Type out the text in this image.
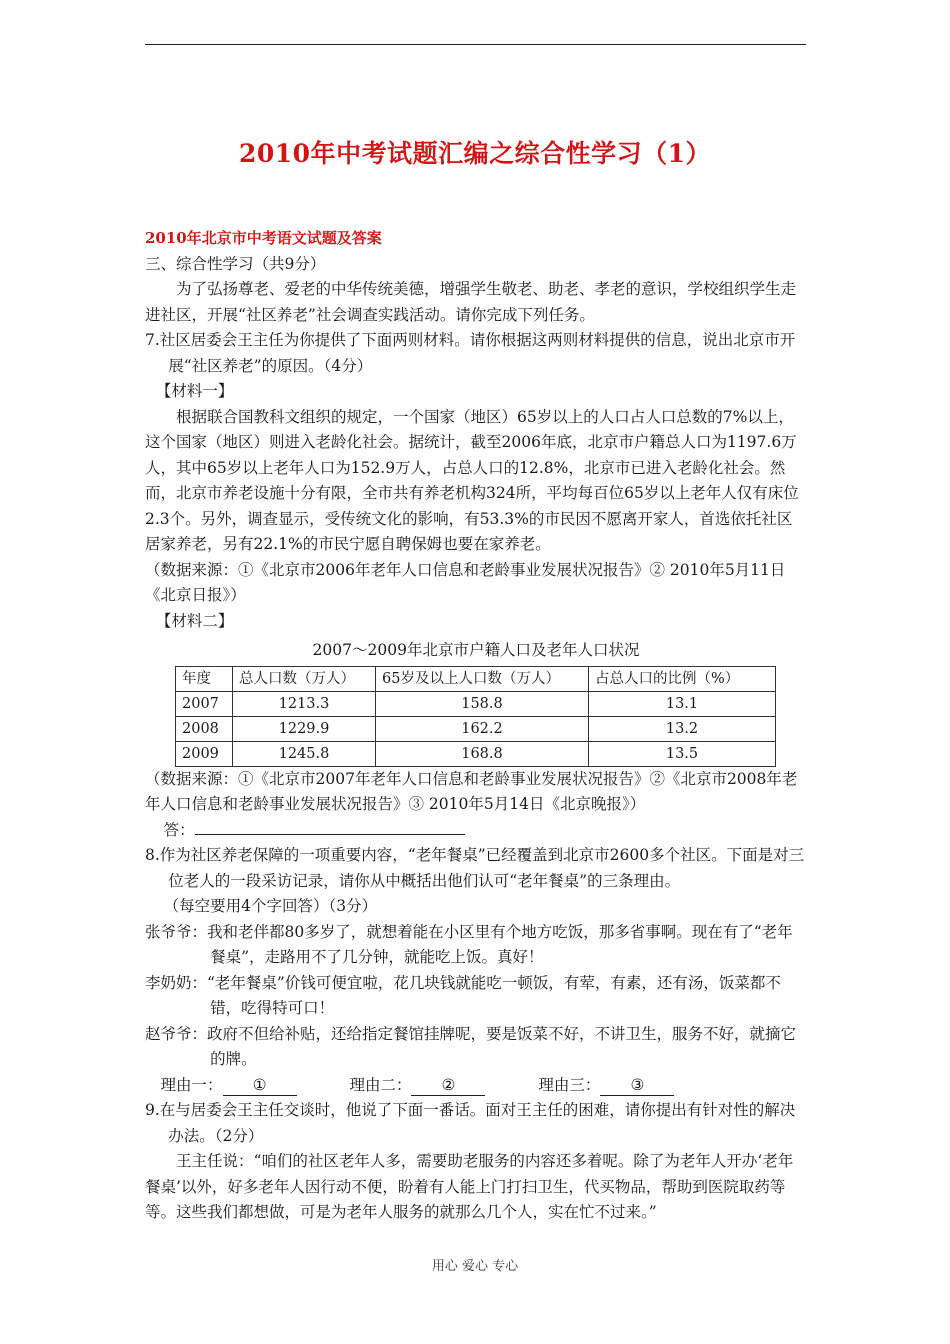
2010年中考试题汇编之综合性学习（1）

2010年北京市中考语文试题及答案

三、综合性学习（共9分）

为了弘扬尊老、爱老的中华传统美德，增强学生敬老、助老、孝老的意识，学校组织学生走进社区，开展“社区养老”社会调查实践活动。请你完成下列任务。

7.社区居委会王主任为你提供了下面两则材料。请你根据这两则材料提供的信息，说出北京市开展“社区养老”的原因。（4分）

【材料一】

根据联合国教科文组织的规定，一个国家（地区）65岁以上的人口占人口总数的7%以上，这个国家（地区）则进入老龄化社会。据统计，截至2006年底，北京市户籍总人口为1197.6万人，其中65岁以上老年人口为152.9万人，占总人口的12.8%，北京市已进入老龄化社会。然而，北京市养老设施十分有限，全市共有养老机构324所，平均每百位65岁以上老年人仅有床位2.3个。另外，调查显示，受传统文化的影响，有53.3%的市民因不愿离开家人，首选依托社区居家养老，另有22.1%的市民宁愿自聘保姆也要在家养老。

（数据来源：①《北京市2006年老年人口信息和老龄事业发展状况报告》② 2010年5月11日《北京日报》）

【材料二】

2007～2009年北京市户籍人口及老年人口状况

年度	总人口数（万人）	65岁及以上人口数（万人）	占总人口的比例（%）
2007	1213.3	158.8	13.1
2008	1229.9	162.2	13.2
2009	1245.8	168.8	13.5

（数据来源：①《北京市2007年老年人口信息和老龄事业发展状况报告》②《北京市2008年老年人口信息和老龄事业发展状况报告》③ 2010年5月14日《北京晚报》）

答：

8.作为社区养老保障的一项重要内容，“老年餐桌”已经覆盖到北京市2600多个社区。下面是对三位老人的一段采访记录，请你从中概括出他们认可“老年餐桌”的三条理由。

（每空要用4个字回答）（3分）

张爷爷：我和老伴都80多岁了，就想着能在小区里有个地方吃饭，那多省事啊。现在有了“老年餐桌”，走路用不了几分钟，就能吃上饭。真好！

李奶奶：“老年餐桌”价钱可便宜啦，花几块钱就能吃一顿饭，有荤，有素，还有汤，饭菜都不错，吃得特可口！

赵爷爷：政府不但给补贴，还给指定餐馆挂牌呢，要是饭菜不好，不讲卫生，服务不好，就摘它的牌。

理由一： ①	理由二： ②	理由三： ③

9.在与居委会王主任交谈时，他说了下面一番话。面对王主任的困难，请你提出有针对性的解决办法。（2分）

王主任说：“咱们的社区老年人多，需要助老服务的内容还多着呢。除了为老年人开办‘老年餐桌’以外，好多老年人因行动不便，盼着有人能上门打扫卫生，代买物品，帮助到医院取药等等。这些我们都想做，可是为老年人服务的就那么几个人，实在忙不过来。”

用心 爱心 专心
